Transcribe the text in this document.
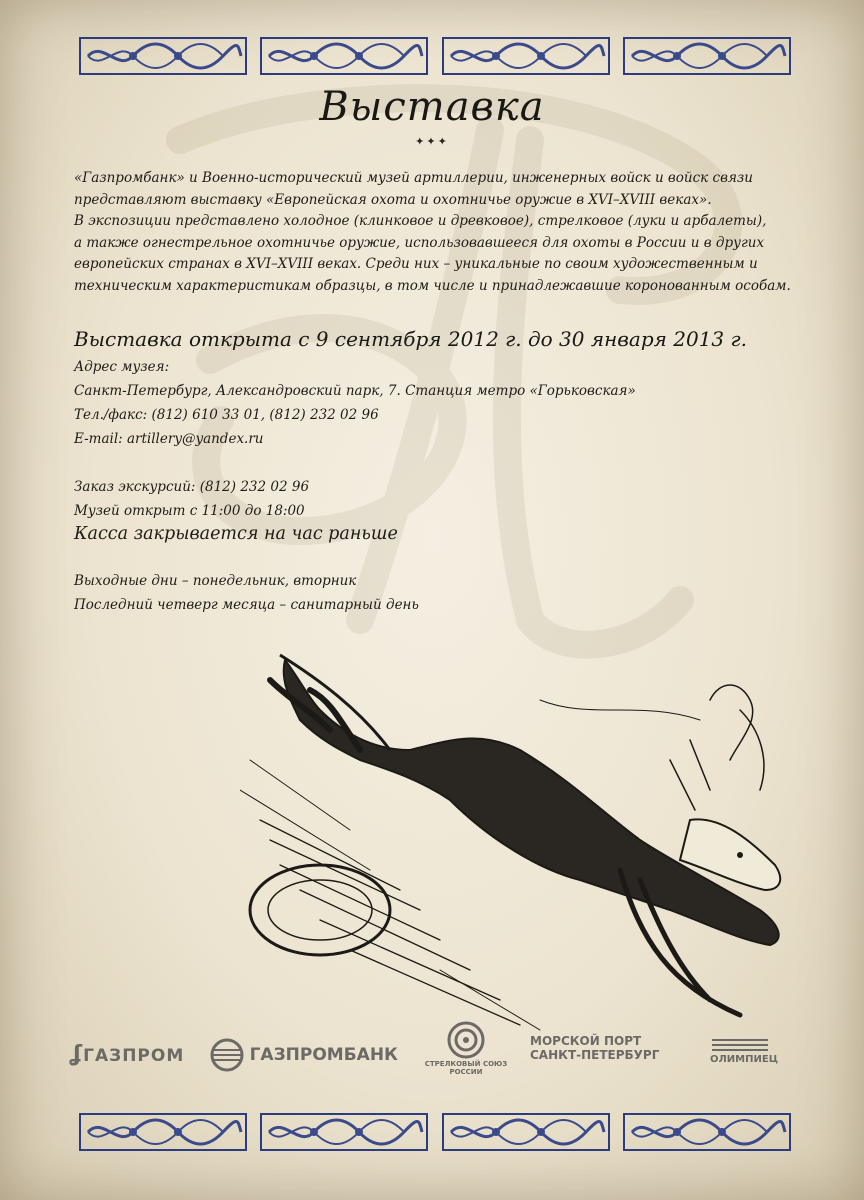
Выставка
✦✦✦

«Газпромбанк» и Военно-исторический музей артиллерии, инженерных войск и войск связи

представляют выставку «Европейская охота и охотничье оружие в XVI–XVIII веках».

В экспозиции представлено холодное (клинковое и древковое), стрелковое (луки и арбалеты),

а также огнестрельное охотничье оружие, использовавшееся для охоты в России и в других

европейских странах в XVI–XVIII веках. Среди них – уникальные по своим художественным и

техническим характеристикам образцы, в том числе и принадлежавшие коронованным особам.

Выставка открыта с 9 сентября 2012 г. до 30 января 2013 г.
Адрес музея:
Санкт-Петербург, Александровский парк, 7. Станция метро «Горьковская»
Тел./факс: (812) 610 33 01, (812) 232 02 96
E-mail: artillery@yandex.ru
Заказ экскурсий: (812) 232 02 96
Музей открыт с 11:00 до 18:00
Касса закрывается на час раньше
Выходные дни – понедельник, вторник
Последний четверг месяца – санитарный день
ʆГАЗПРОМ	ГАЗПРОМБАНК	СТРЕЛКОВЫЙ СОЮЗ
РОССИИ
МОРСКОЙ ПОРТ
САНКТ-ПЕТЕРБУРГ	ОЛИМПИЕЦ
